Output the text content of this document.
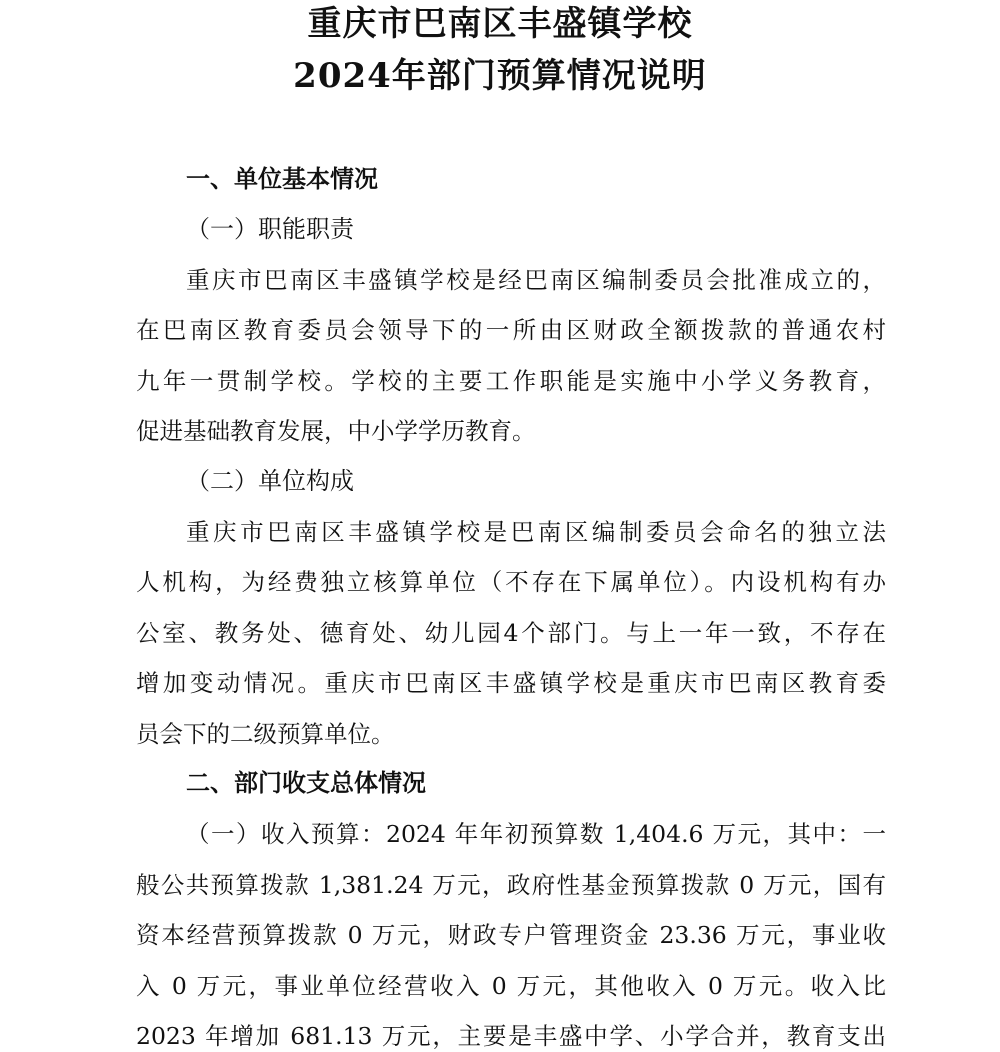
重庆市巴南区丰盛镇学校
2024年部门预算情况说明
一、单位基本情况
（一）职能职责
重庆市巴南区丰盛镇学校是经巴南区编制委员会批准成立的，
在巴南区教育委员会领导下的一所由区财政全额拨款的普通农村
九年一贯制学校。学校的主要工作职能是实施中小学义务教育，
促进基础教育发展，中小学学历教育。
（二）单位构成
重庆市巴南区丰盛镇学校是巴南区编制委员会命名的独立法
人机构，为经费独立核算单位（不存在下属单位）。内设机构有办
公室、教务处、德育处、幼儿园4个部门。与上一年一致，不存在
增加变动情况。重庆市巴南区丰盛镇学校是重庆市巴南区教育委
员会下的二级预算单位。
二、部门收支总体情况
（一）收入预算：2024 年年初预算数 1,404.6 万元，其中：一
般公共预算拨款 1,381.24 万元，政府性基金预算拨款 0 万元，国有
资本经营预算拨款 0 万元，财政专户管理资金 23.36 万元，事业收
入 0 万元，事业单位经营收入 0 万元，其他收入 0 万元。收入比
2023 年增加 681.13 万元，主要是丰盛中学、小学合并，教育支出
